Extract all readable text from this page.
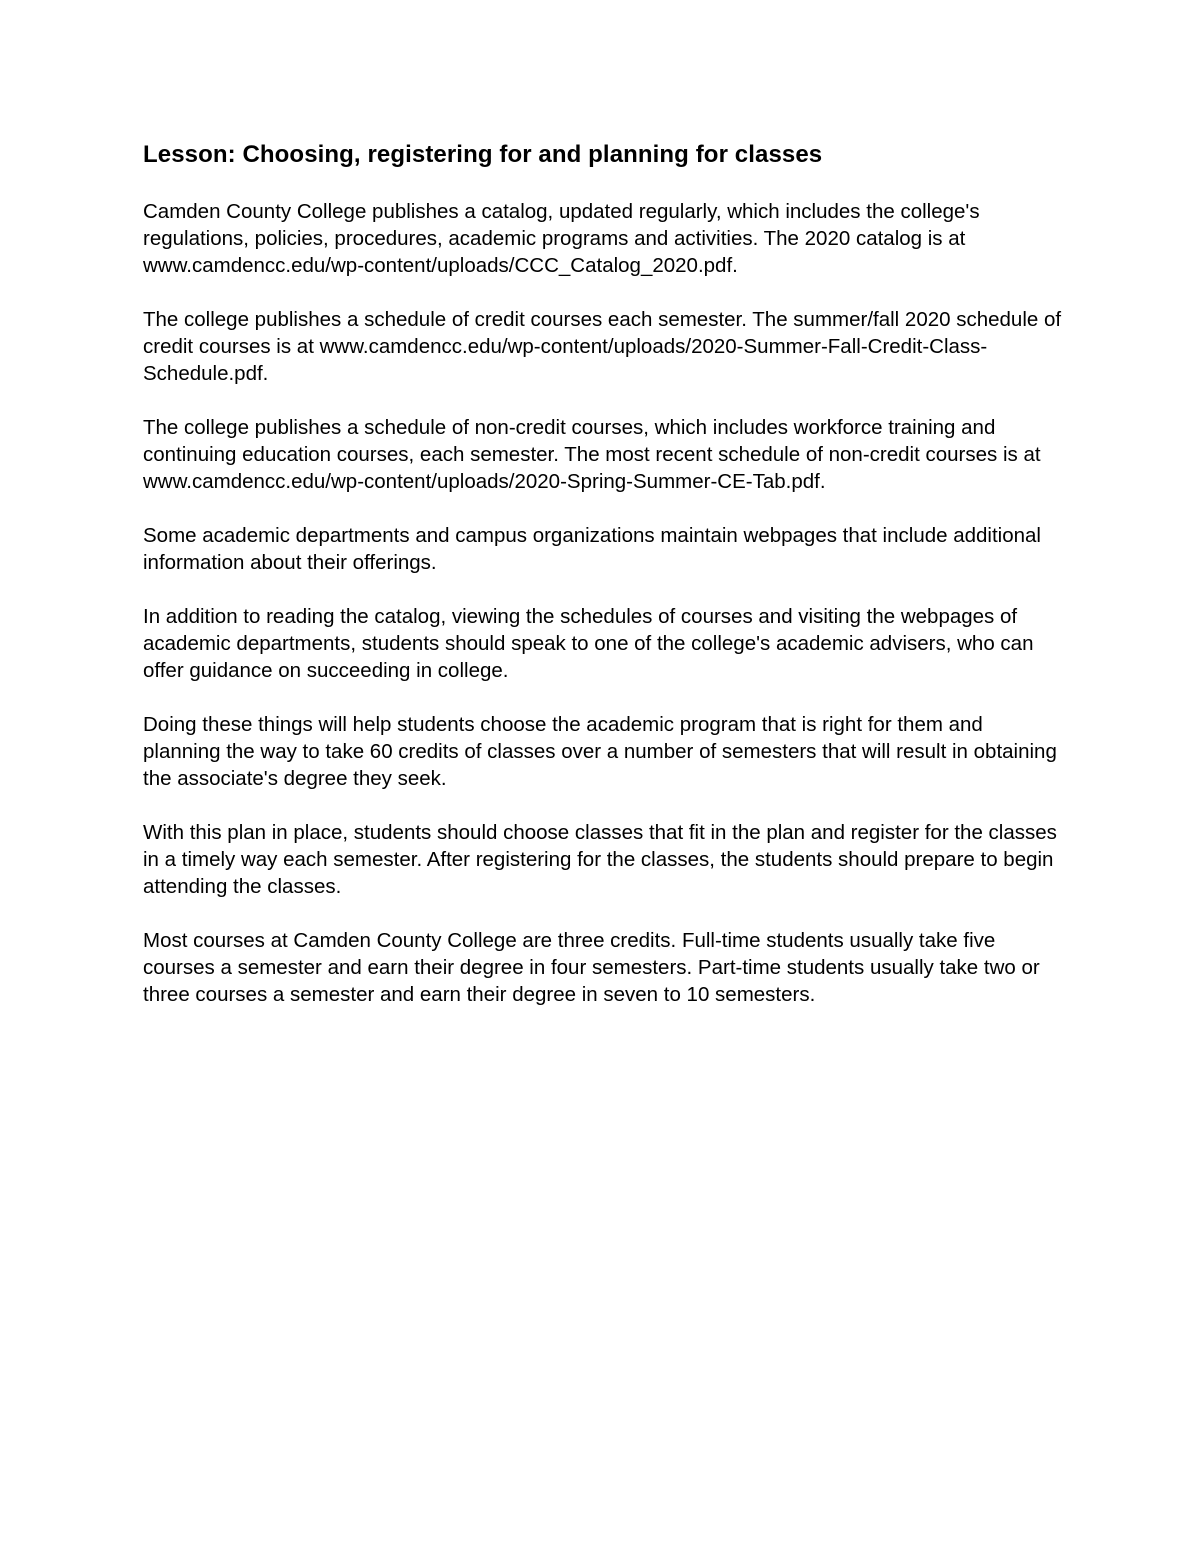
Lesson: Choosing, registering for and planning for classes

Camden County College publishes a catalog, updated regularly, which includes the college's regulations, policies, procedures, academic programs and activities. The 2020 catalog is at www.camdencc.edu/wp-content/uploads/CCC_Catalog_2020.pdf.

The college publishes a schedule of credit courses each semester. The summer/fall 2020 schedule of credit courses is at www.camdencc.edu/wp-content/uploads/2020-Summer-Fall-Credit-Class-Schedule.pdf.

The college publishes a schedule of non-credit courses, which includes workforce training and continuing education courses, each semester. The most recent schedule of non-credit courses is at www.camdencc.edu/wp-content/uploads/2020-Spring-Summer-CE-Tab.pdf.

Some academic departments and campus organizations maintain webpages that include additional information about their offerings.

In addition to reading the catalog, viewing the schedules of courses and visiting the webpages of academic departments, students should speak to one of the college's academic advisers, who can offer guidance on succeeding in college.

Doing these things will help students choose the academic program that is right for them and planning the way to take 60 credits of classes over a number of semesters that will result in obtaining the associate's degree they seek.

With this plan in place, students should choose classes that fit in the plan and register for the classes in a timely way each semester. After registering for the classes, the students should prepare to begin attending the classes.

Most courses at Camden County College are three credits. Full-time students usually take five courses a semester and earn their degree in four semesters. Part-time students usually take two or three courses a semester and earn their degree in seven to 10 semesters.
